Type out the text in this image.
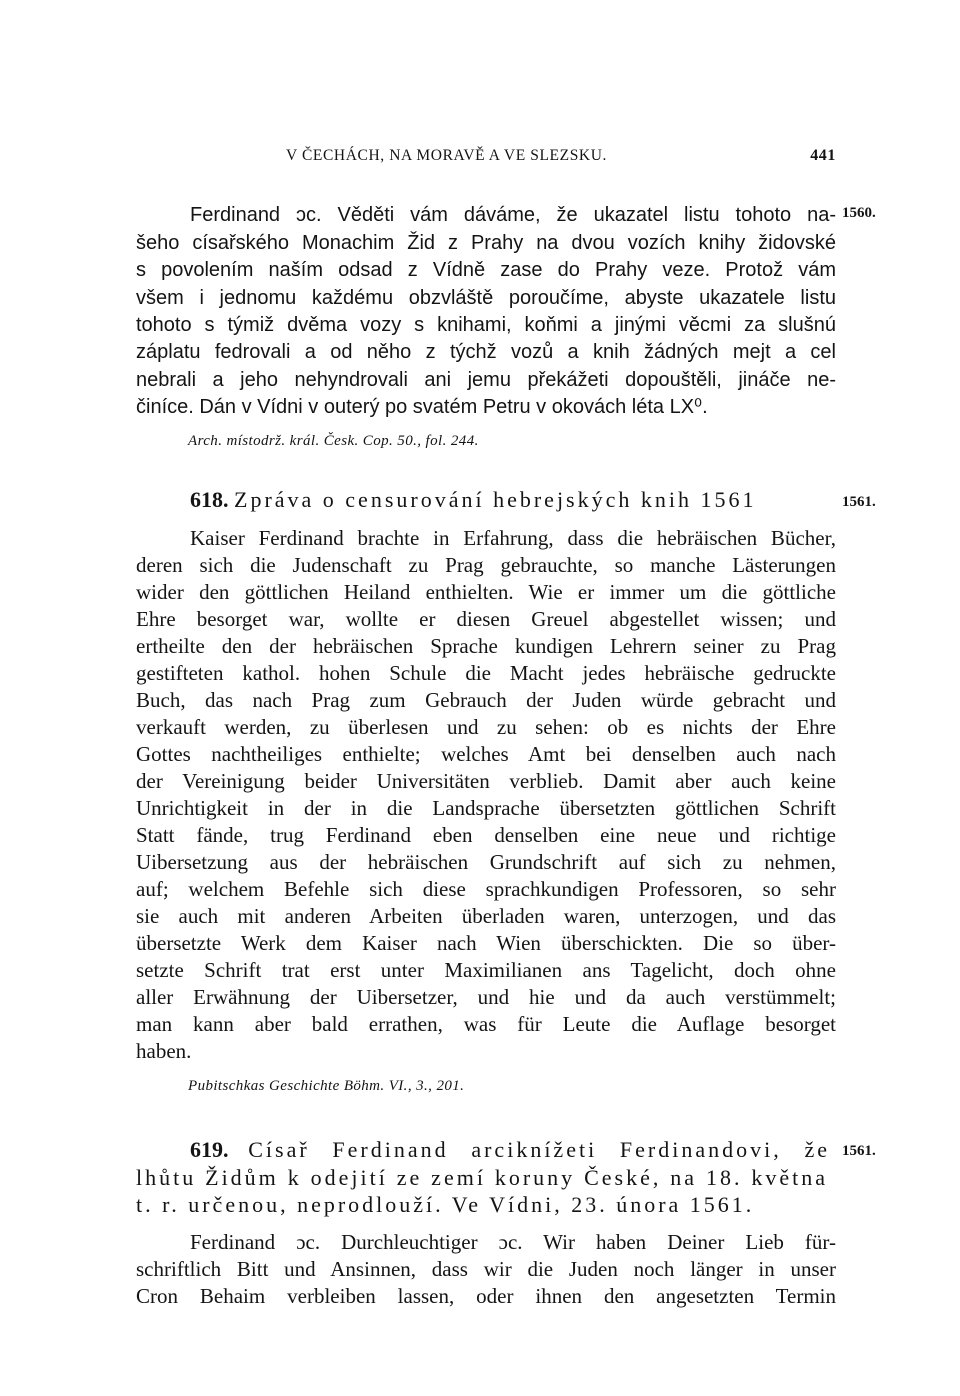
V ČECHÁCH, NA MORAVĚ A VE SLEZSKU.	441
1560.
Ferdinand ɔc. Věděti vám dáváme, že ukazatel listu tohoto na-
šeho císařského Monachim Žid z Prahy na dvou vozích knihy židovské
s povolením naším odsad z Vídně zase do Prahy veze. Protož vám
všem i jednomu každému obzvláště poroučíme, abyste ukazatele listu
tohoto s týmiž dvěma vozy s knihami, koňmi a jinými věcmi za slušnú
záplatu fedrovali a od něho z týchž vozů a knih žádných mejt a cel
nebrali a jeho nehyndrovali ani jemu překážeti dopouštěli, jináče ne-
činíce. Dán v Vídni v outerý po svatém Petru v okovách léta LX⁰.
Arch. místodrž. král. Česk. Cop. 50., fol. 244.
618. Zpráva o censurování hebrejských knih 1561	1561.
Kaiser Ferdinand brachte in Erfahrung, dass die hebräischen Bücher,
deren sich die Judenschaft zu Prag gebrauchte, so manche Lästerungen
wider den göttlichen Heiland enthielten. Wie er immer um die göttliche
Ehre besorget war, wollte er diesen Greuel abgestellet wissen; und
ertheilte den der hebräischen Sprache kundigen Lehrern seiner zu Prag
gestifteten kathol. hohen Schule die Macht jedes hebräische gedruckte
Buch, das nach Prag zum Gebrauch der Juden würde gebracht und
verkauft werden, zu überlesen und zu sehen: ob es nichts der Ehre
Gottes nachtheiliges enthielte; welches Amt bei denselben auch nach
der Vereinigung beider Universitäten verblieb. Damit aber auch keine
Unrichtigkeit in der in die Landsprache übersetzten göttlichen Schrift
Statt fände, trug Ferdinand eben denselben eine neue und richtige
Uibersetzung aus der hebräischen Grundschrift auf sich zu nehmen,
auf; welchem Befehle sich diese sprachkundigen Professoren, so sehr
sie auch mit anderen Arbeiten überladen waren, unterzogen, und das
übersetzte Werk dem Kaiser nach Wien überschickten. Die so über-
setzte Schrift trat erst unter Maximilianen ans Tagelicht, doch ohne
aller Erwähnung der Uibersetzer, und hie und da auch verstümmelt;
man kann aber bald errathen, was für Leute die Auflage besorget
haben.
Pubitschkas Geschichte Böhm. VI., 3., 201.
619. Císař Ferdinand arciknížeti Ferdinandovi, že 1561.
lhůtu Židům k odejití ze zemí koruny České, na 18. května
t. r. určenou, neprodlouží. Ve Vídni, 23. února 1561.
Ferdinand ɔc. Durchleuchtiger ɔc. Wir haben Deiner Lieb für-
schriftlich Bitt und Ansinnen, dass wir die Juden noch länger in unser
Cron Behaim verbleiben lassen, oder ihnen den angesetzten Termin
